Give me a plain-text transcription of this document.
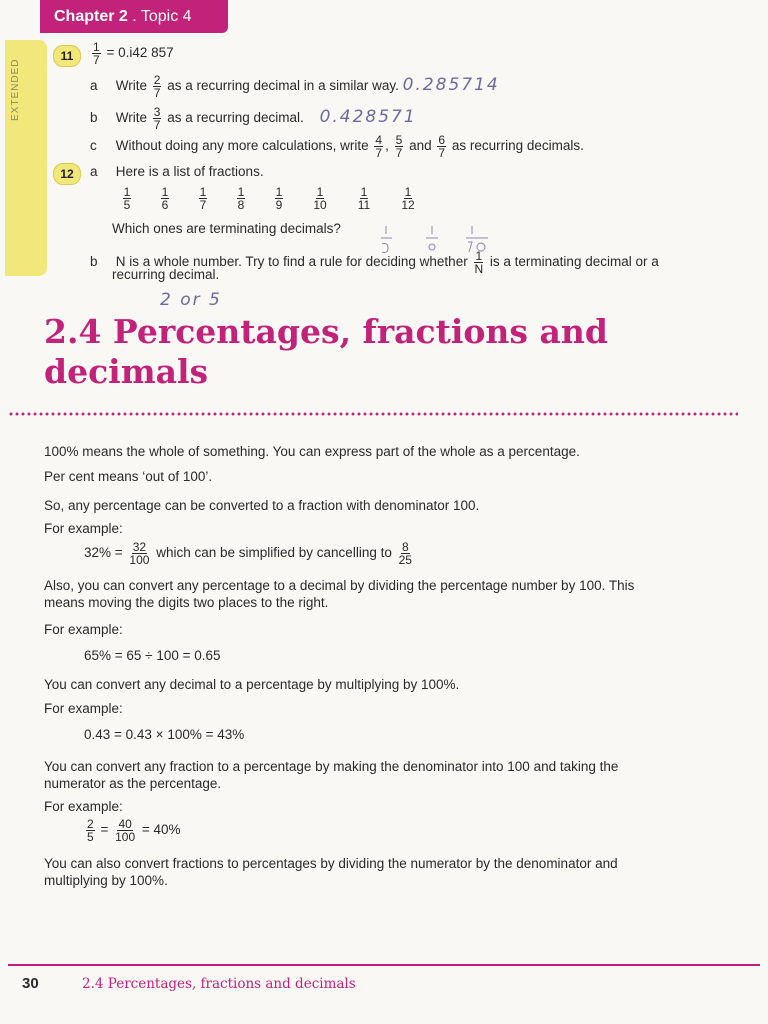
Chapter 2 . Topic 4
EXTENDED
11	$\frac{1}{7} = 0.i42$ 857
a Write $\frac{2}{7}$ as a recurring decimal in a similar way. 0.285714
b Write $\frac{3}{7}$ as a recurring decimal. 0.428571
c Without doing any more calculations, write $\frac{4}{7}$ , $\frac{5}{7}$ and $\frac{6}{7}$ as recurring decimals.
12	a Here is a list of fractions.
$\frac{1}{5} \frac{1}{6} \frac{1}{7} \frac{1}{8} \frac{1}{9} \frac{1}{10} \frac{1}{11} \frac{1}{12}$
Which ones are terminating decimals?
b N is a whole number. Try to find a rule for deciding whether $\frac{1}{N}$ is a terminating decimal or a
recurring decimal.
2 or 5
2.4 Percentages, fractions and
decimals
100% means the whole of something. You can express part of the whole as a percentage.
Per cent means ‘out of 100’.
So, any percentage can be converted to a fraction with denominator 100.
For example:
$32\% = \frac{32}{100}$ which can be simplified by cancelling to $\frac{8}{25}$
Also, you can convert any percentage to a decimal by dividing the percentage number by 100. This
means moving the digits two places to the right.
For example:
65% = 65 ÷ 100 = 0.65
You can convert any decimal to a percentage by multiplying by 100%.
For example:
0.43 = 0.43 × 100% = 43%
You can convert any fraction to a percentage by making the denominator into 100 and taking the
numerator as the percentage.
For example:
$\frac{2}{5} = \frac{40}{100} = 40\%$
You can also convert fractions to percentages by dividing the numerator by the denominator and
multiplying by 100%.
30	2.4 Percentages, fractions and decimals
